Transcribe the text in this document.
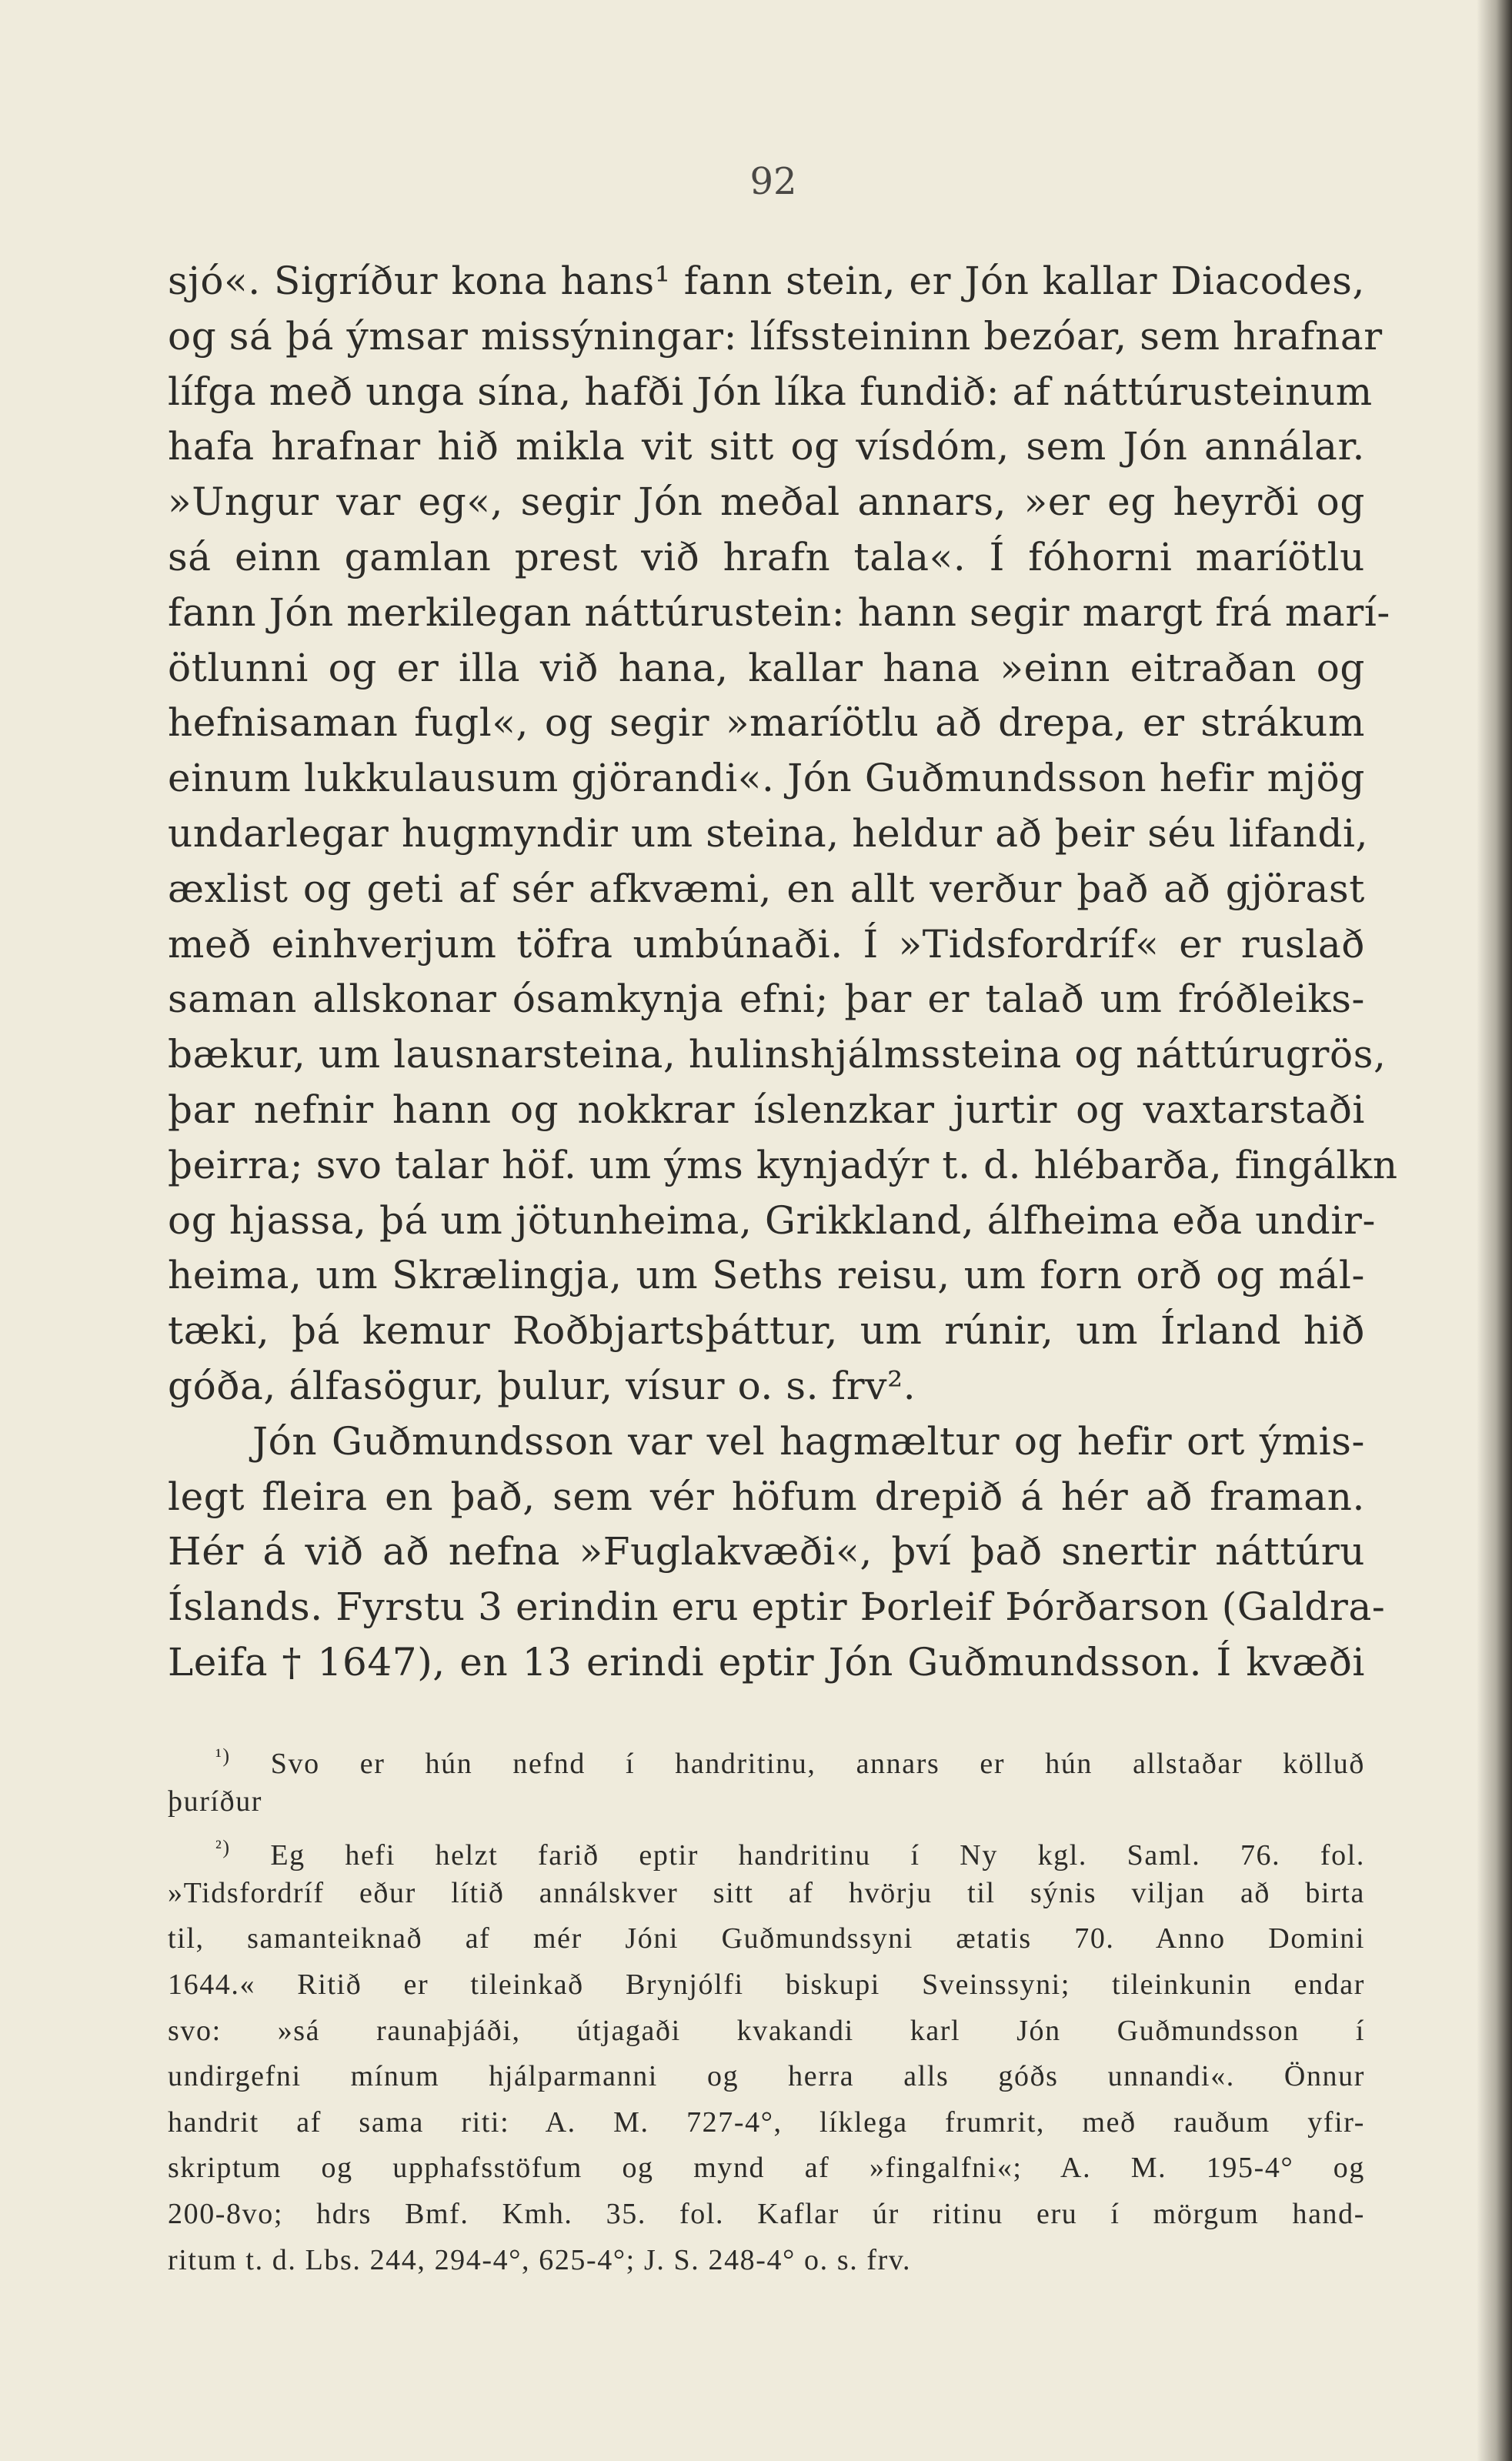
92
sjó«. Sigríður kona hans¹ fann stein, er Jón kallar Diacodes,
og sá þá ýmsar missýningar: lífssteininn bezóar, sem hrafnar
lífga með unga sína, hafði Jón líka fundið: af náttúrusteinum
hafa hrafnar hið mikla vit sitt og vísdóm, sem Jón annálar.
»Ungur var eg«, segir Jón meðal annars, »er eg heyrði og
sá einn gamlan prest við hrafn tala«. Í fóhorni maríötlu
fann Jón merkilegan náttúrustein: hann segir margt frá marí-
ötlunni og er illa við hana, kallar hana »einn eitraðan og
hefnisaman fugl«, og segir »maríötlu að drepa, er strákum
einum lukkulausum gjörandi«. Jón Guðmundsson hefir mjög
undarlegar hugmyndir um steina, heldur að þeir séu lifandi,
æxlist og geti af sér afkvæmi, en allt verður það að gjörast
með einhverjum töfra umbúnaði. Í »Tidsfordríf« er ruslað
saman allskonar ósamkynja efni; þar er talað um fróðleiks-
bækur, um lausnarsteina, hulinshjálmssteina og náttúrugrös,
þar nefnir hann og nokkrar íslenzkar jurtir og vaxtarstaði
þeirra; svo talar höf. um ýms kynjadýr t. d. hlébarða, fingálkn
og hjassa, þá um jötunheima, Grikkland, álfheima eða undir-
heima, um Skrælingja, um Seths reisu, um forn orð og mál-
tæki, þá kemur Roðbjartsþáttur, um rúnir, um Írland hið
góða, álfasögur, þulur, vísur o. s. frv².
Jón Guðmundsson var vel hagmæltur og hefir ort ýmis-
legt fleira en það, sem vér höfum drepið á hér að framan.
Hér á við að nefna »Fuglakvæði«, því það snertir náttúru
Íslands. Fyrstu 3 erindin eru eptir Þorleif Þórðarson (Galdra-
Leifa † 1647), en 13 erindi eptir Jón Guðmundsson. Í kvæði
$^{^1)}$ Svo er hún nefnd í handritinu, annars er hún allstaðar kölluð
þuríður
$^{^2)}$ Eg hefi helzt farið eptir handritinu í Ny kgl. Saml. 76. fol.
»Tidsfordríf eður lítið annálskver sitt af hvörju til sýnis viljan að birta
til, samanteiknað af mér Jóni Guðmundssyni ætatis 70. Anno Domini
1644.« Ritið er tileinkað Brynjólfi biskupi Sveinssyni; tileinkunin endar
svo: »sá raunaþjáði, útjagaði kvakandi karl Jón Guðmundsson í
undirgefni mínum hjálparmanni og herra alls góðs unnandi«. Önnur
handrit af sama riti: A. M. 727-4°, líklega frumrit, með rauðum yfir-
skriptum og upphafsstöfum og mynd af »fingalfni«; A. M. 195-4° og
200-8vo; hdrs Bmf. Kmh. 35. fol. Kaflar úr ritinu eru í mörgum hand-
ritum t. d. Lbs. 244, 294-4°, 625-4°; J. S. 248-4° o. s. frv.
